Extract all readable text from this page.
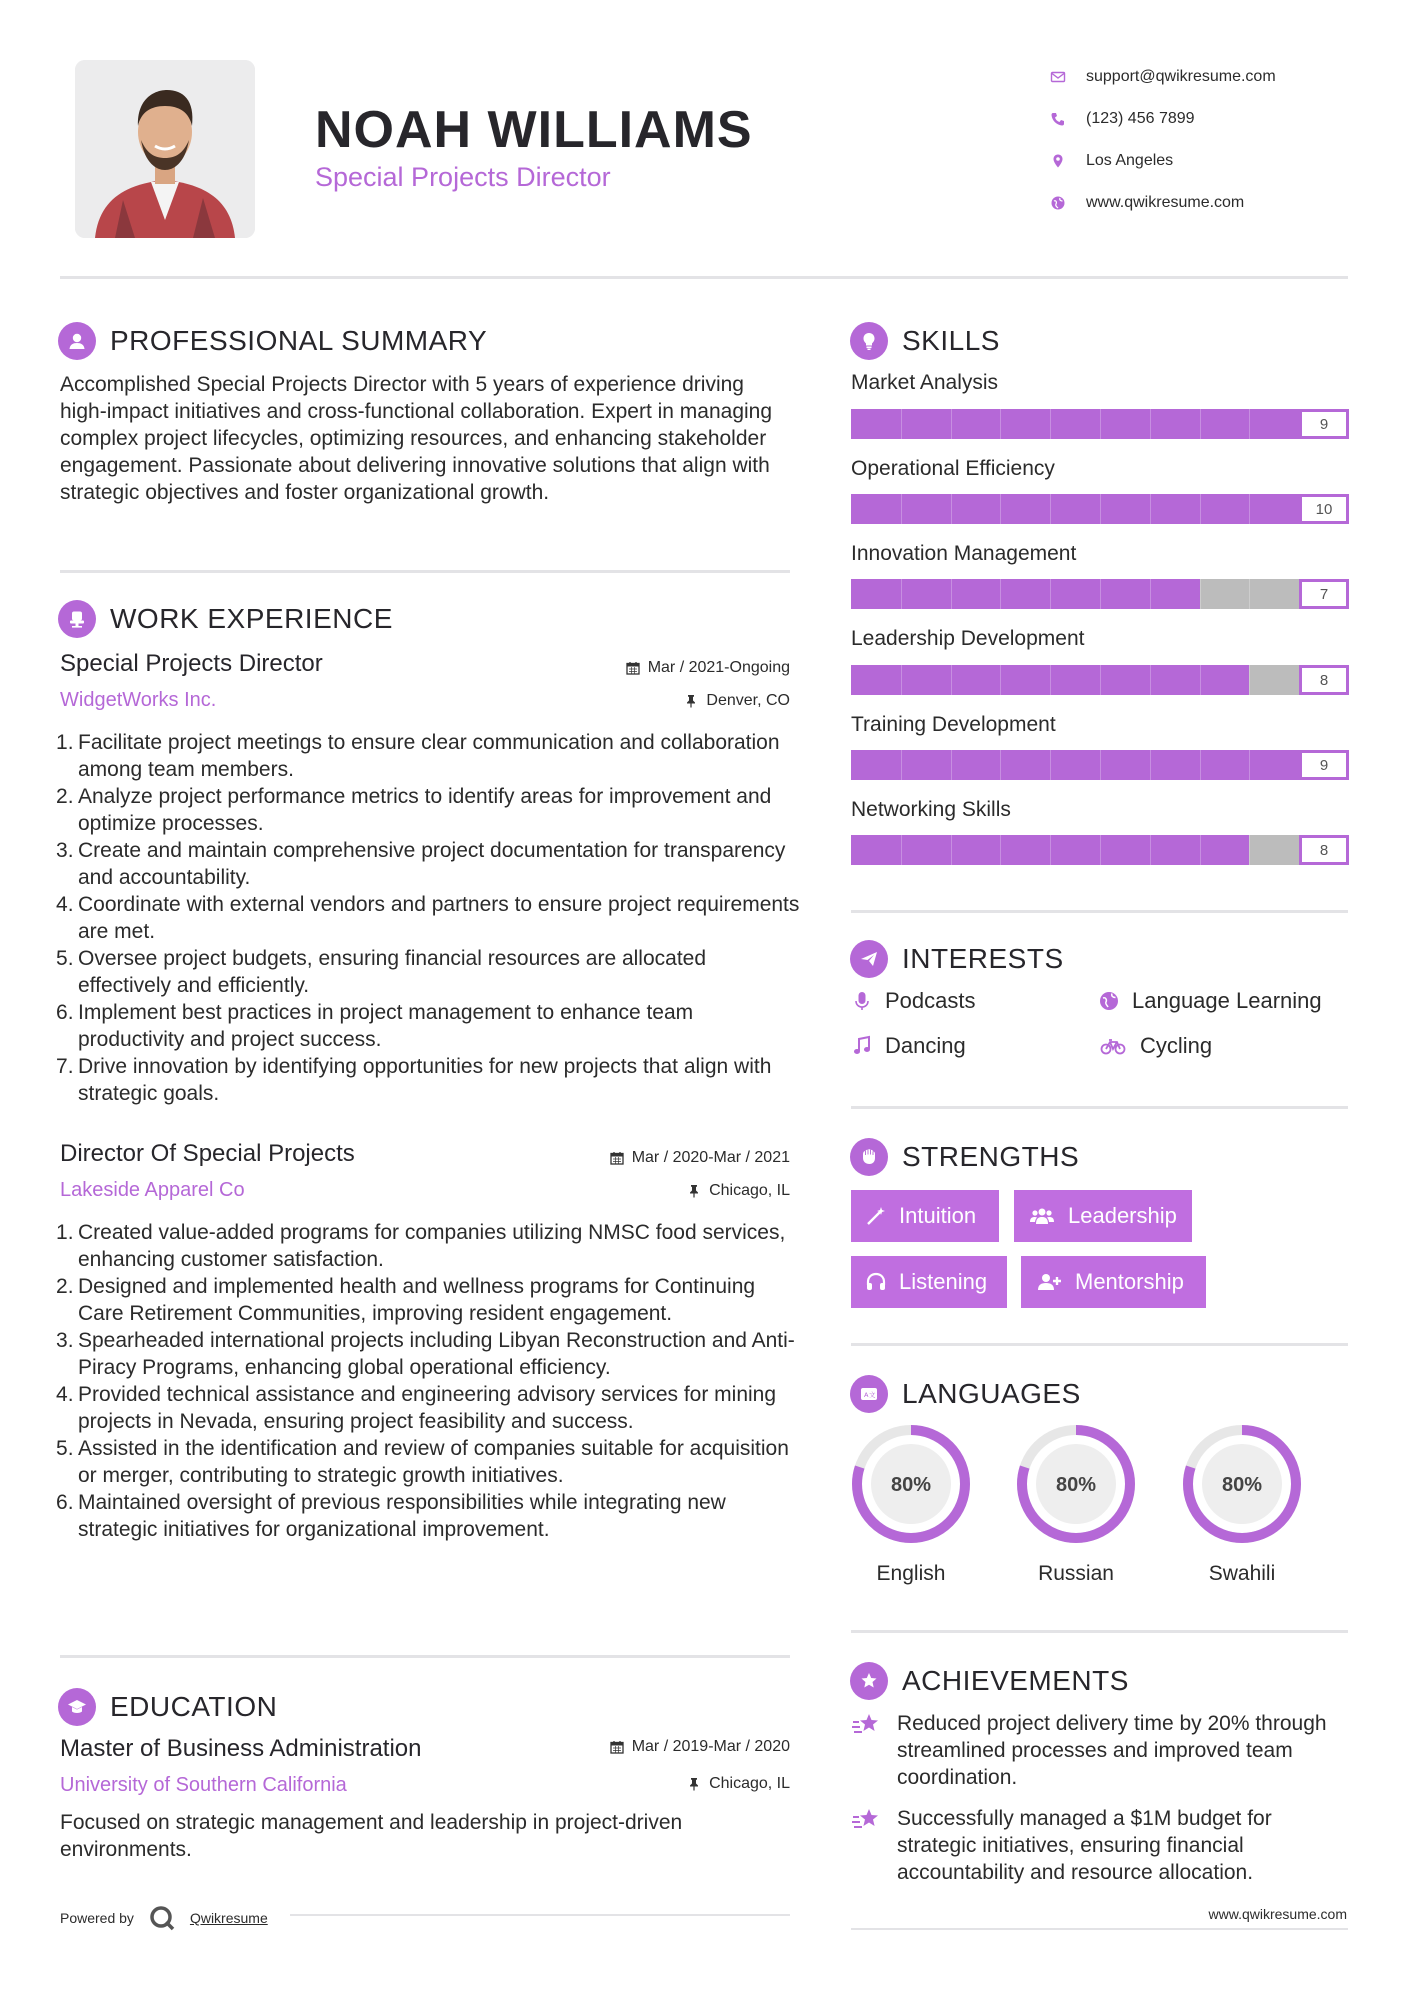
NOAH WILLIAMS
Special Projects Director
support@qwikresume.com
(123) 456 7899
Los Angeles
www.qwikresume.com
PROFESSIONAL SUMMARY
Accomplished Special Projects Director with 5 years of experience driving high-impact initiatives and cross-functional collaboration. Expert in managing complex project lifecycles, optimizing resources, and enhancing stakeholder engagement. Passionate about delivering innovative solutions that align with strategic objectives and foster organizational growth.
WORK EXPERIENCE
Special Projects Director	Mar / 2021-Ongoing
WidgetWorks Inc.	Denver, CO
Facilitate project meetings to ensure clear communication and collaboration among team members.
Analyze project performance metrics to identify areas for improvement and optimize processes.
Create and maintain comprehensive project documentation for transparency and accountability.
Coordinate with external vendors and partners to ensure project requirements are met.
Oversee project budgets, ensuring financial resources are allocated effectively and efficiently.
Implement best practices in project management to enhance team productivity and project success.
Drive innovation by identifying opportunities for new projects that align with strategic goals.
Director Of Special Projects	Mar / 2020-Mar / 2021
Lakeside Apparel Co	Chicago, IL
Created value-added programs for companies utilizing NMSC food services, enhancing customer satisfaction.
Designed and implemented health and wellness programs for Continuing Care Retirement Communities, improving resident engagement.
Spearheaded international projects including Libyan Reconstruction and Anti-Piracy Programs, enhancing global operational efficiency.
Provided technical assistance and engineering advisory services for mining projects in Nevada, ensuring project feasibility and success.
Assisted in the identification and review of companies suitable for acquisition or merger, contributing to strategic growth initiatives.
Maintained oversight of previous responsibilities while integrating new strategic initiatives for organizational improvement.
EDUCATION
Master of Business Administration	Mar / 2019-Mar / 2020
University of Southern California	Chicago, IL
Focused on strategic management and leadership in project-driven environments.
SKILLS
Market Analysis
9
Operational Efficiency
10
Innovation Management
7
Leadership Development
8
Training Development
9
Networking Skills
8
INTERESTS
Podcasts	Language Learning
Dancing	Cycling
STRENGTHS
Intuition	Leadership
Listening	Mentorship
A 文 LANGUAGES
80%
English
80%
Russian
80%
Swahili
ACHIEVEMENTS
Reduced project delivery time by 20% through streamlined processes and improved team coordination.
Successfully managed a $1M budget for strategic initiatives, ensuring financial accountability and resource allocation.
Powered by	Qwikresume	www.qwikresume.com
